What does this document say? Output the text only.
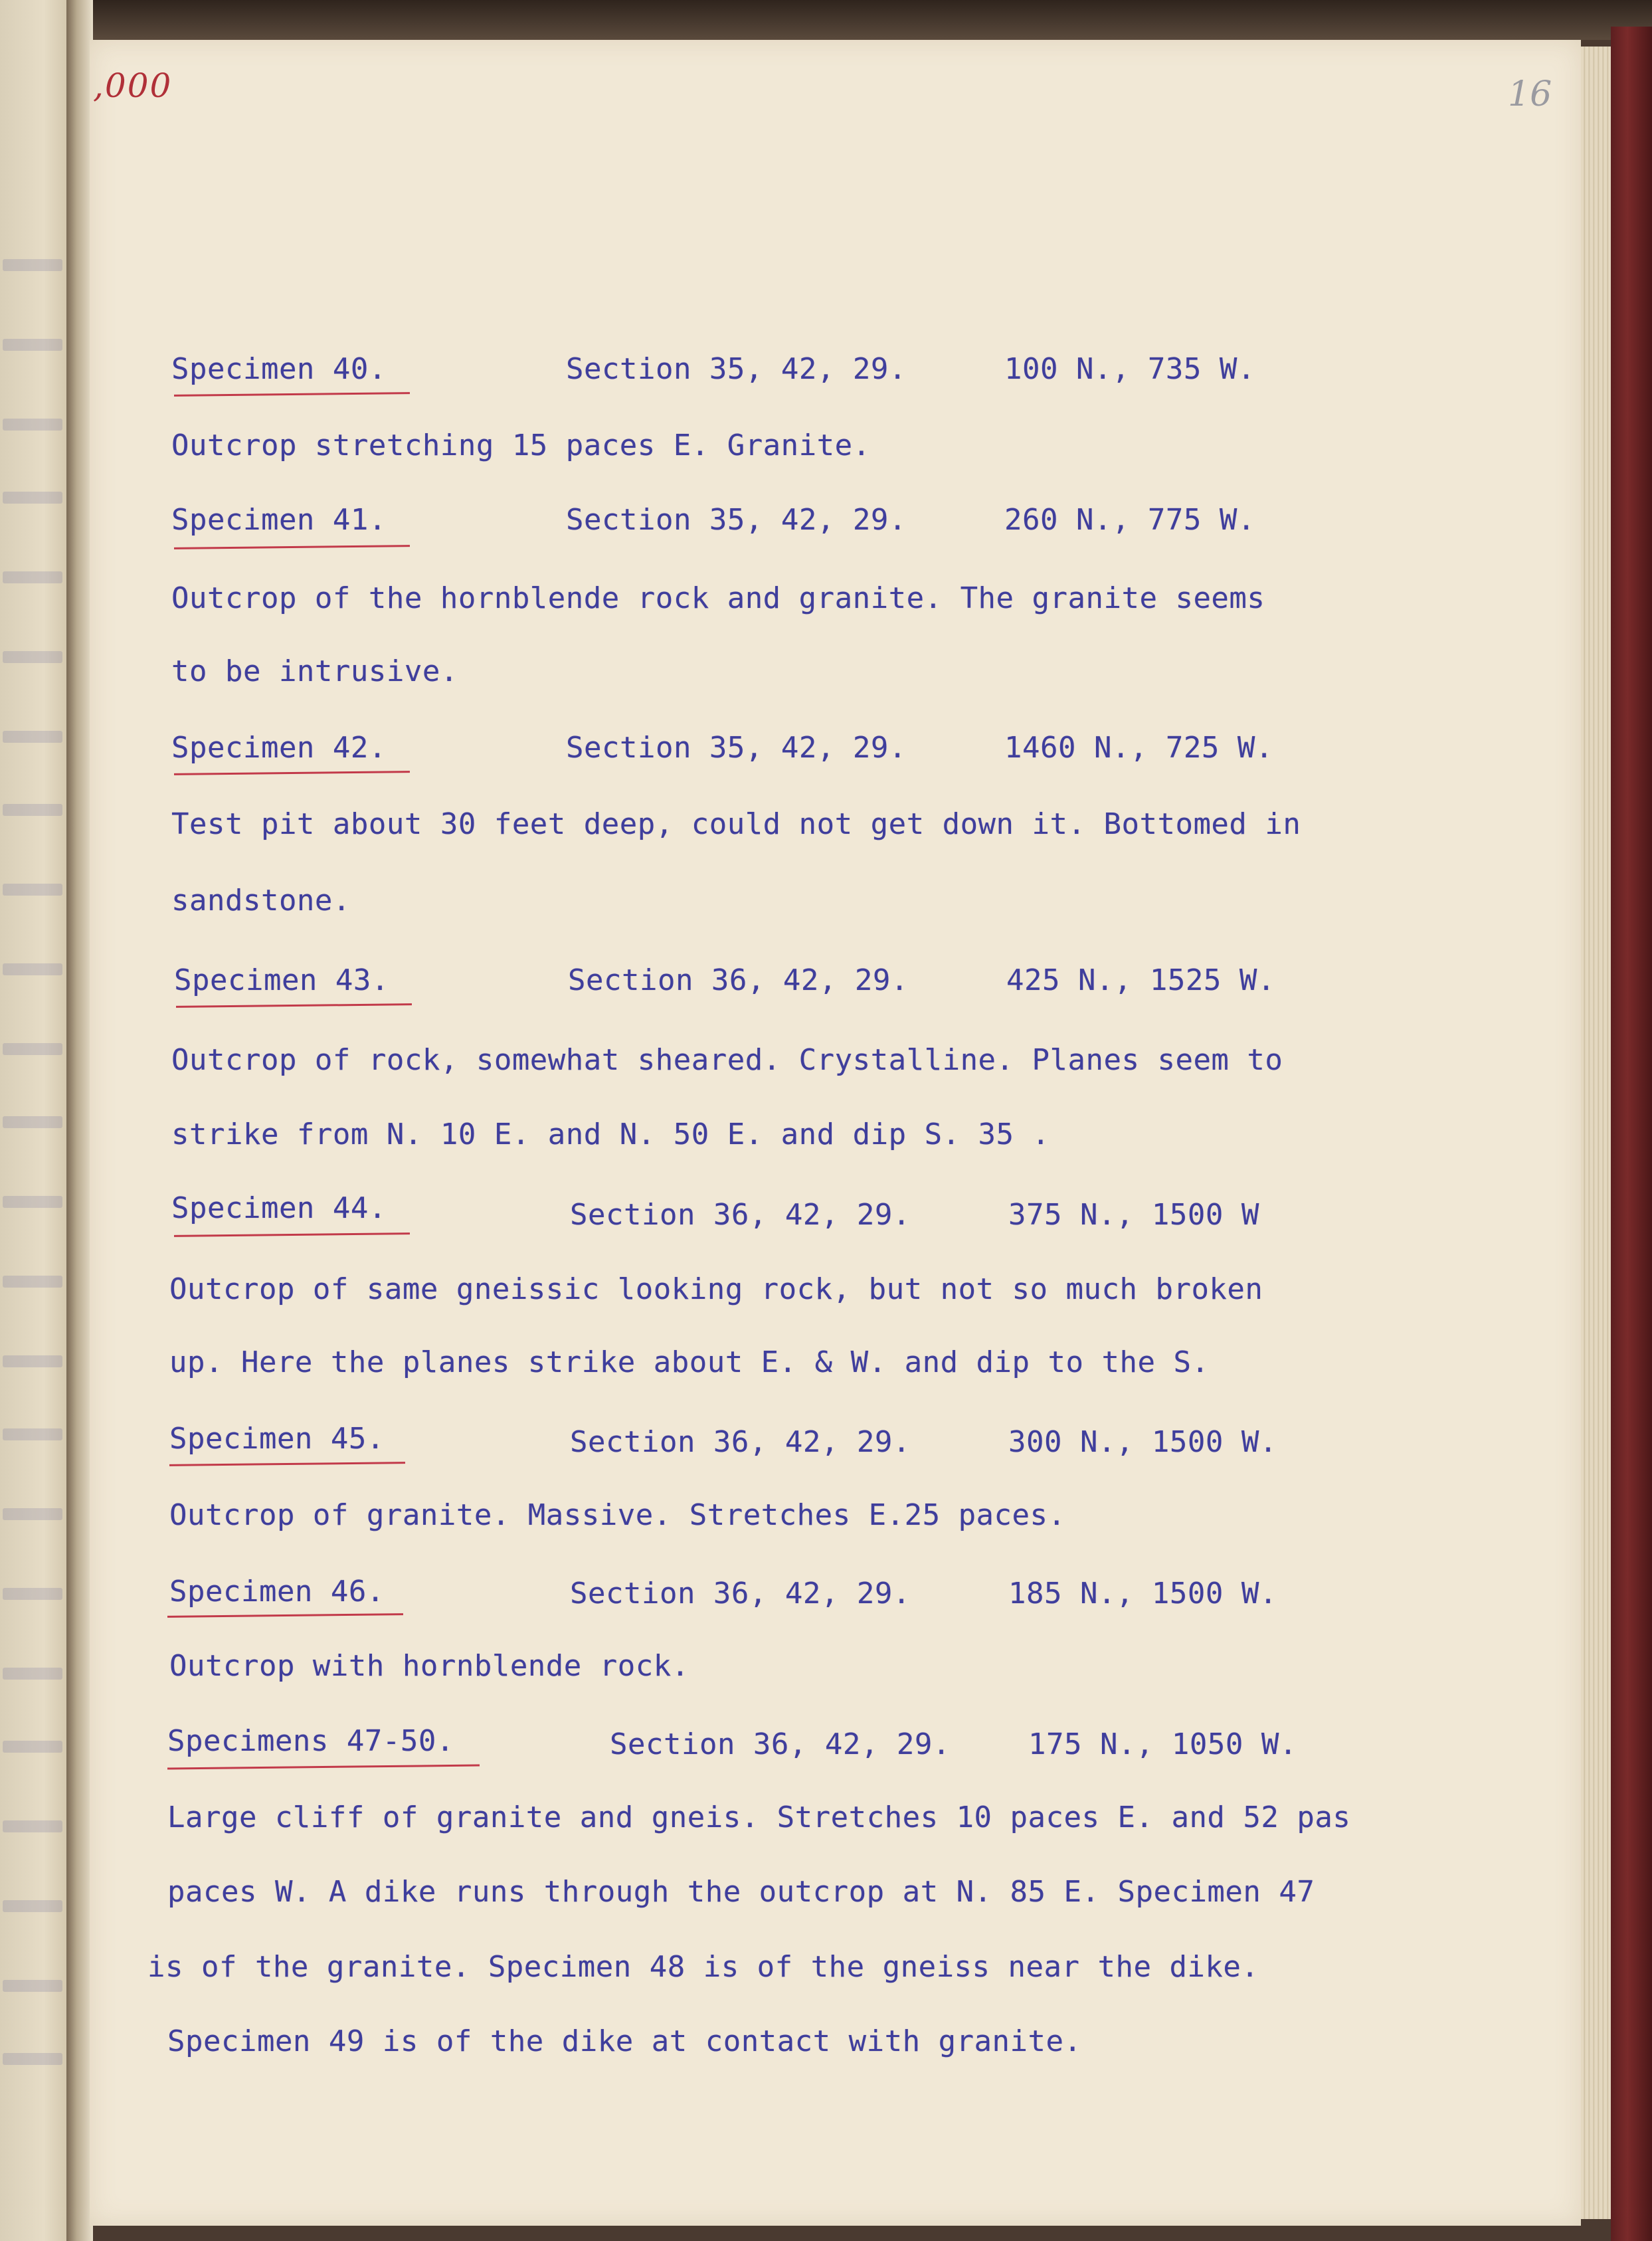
,000	16
Specimen 40.	Section 35, 42, 29.	100 N., 735 W.
Outcrop stretching 15 paces E. Granite.
Specimen 41.	Section 35, 42, 29.	260 N., 775 W.
Outcrop of the hornblende rock and granite. The granite seems
to be intrusive.
Specimen 42.	Section 35, 42, 29.	1460 N., 725 W.
Test pit about 30 feet deep, could not get down it. Bottomed in
sandstone.
Specimen 43.	Section 36, 42, 29.	425 N., 1525 W.
Outcrop of rock, somewhat sheared. Crystalline. Planes seem to
strike from N. 10 E. and N. 50 E. and dip S. 35 .
Specimen 44.	Section 36, 42, 29.	375 N., 1500 W
Outcrop of same gneissic looking rock, but not so much broken
up. Here the planes strike about E. & W. and dip to the S.
Specimen 45.	Section 36, 42, 29.	300 N., 1500 W.
Outcrop of granite. Massive. Stretches E.25 paces.
Specimen 46.	Section 36, 42, 29.	185 N., 1500 W.
Outcrop with hornblende rock.
Specimens 47-50.	Section 36, 42, 29.	175 N., 1050 W.
Large cliff of granite and gneis. Stretches 10 paces E. and 52 pas
paces W. A dike runs through the outcrop at N. 85 E. Specimen 47
is of the granite. Specimen 48 is of the gneiss near the dike.
Specimen 49 is of the dike at contact with granite.
